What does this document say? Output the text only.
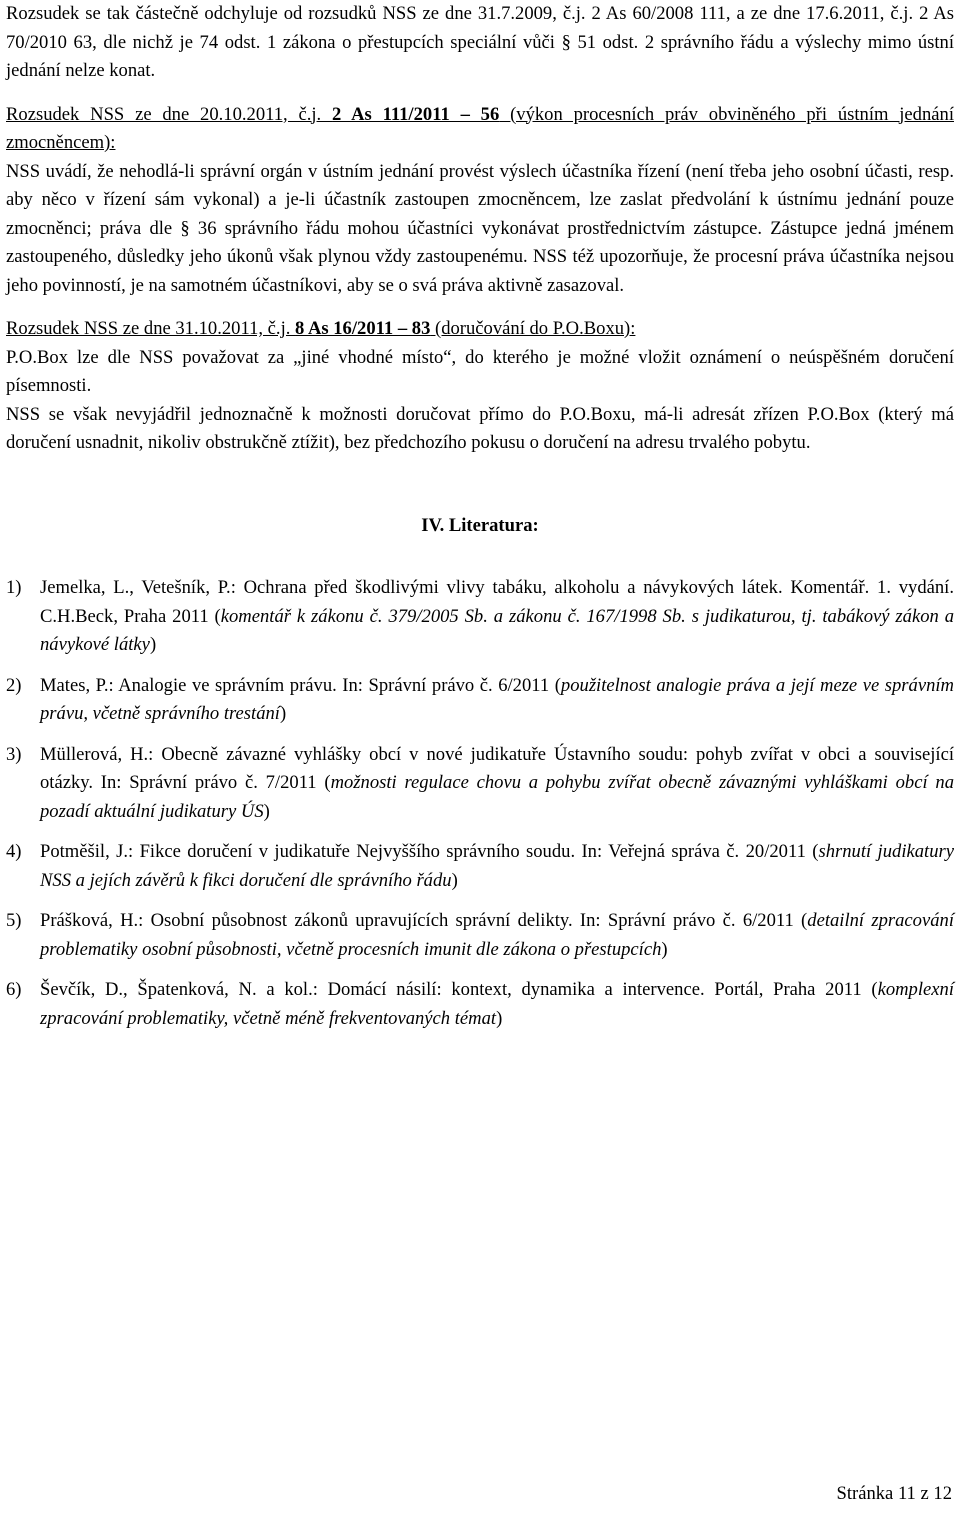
Rozsudek se tak částečně odchyluje od rozsudků NSS ze dne 31.7.2009, č.j. 2 As 60/2008 111, a ze dne 17.6.2011, č.j. 2 As 70/2010 63, dle nichž je 74 odst. 1 zákona o přestupcích speciální vůči § 51 odst. 2 správního řádu a výslechy mimo ústní jednání nelze konat.

Rozsudek NSS ze dne 20.10.2011, č.j. 2 As 111/2011 – 56 (výkon procesních práv obviněného při ústním jednání zmocněncem):

NSS uvádí, že nehodlá-li správní orgán v ústním jednání provést výslech účastníka řízení (není třeba jeho osobní účasti, resp. aby něco v řízení sám vykonal) a je-li účastník zastoupen zmocněncem, lze zaslat předvolání k ústnímu jednání pouze zmocněnci; práva dle § 36 správního řádu mohou účastníci vykonávat prostřednictvím zástupce. Zástupce jedná jménem zastoupeného, důsledky jeho úkonů však plynou vždy zastoupenému. NSS též upozorňuje, že procesní práva účastníka nejsou jeho povinností, je na samotném účastníkovi, aby se o svá práva aktivně zasazoval.

Rozsudek NSS ze dne 31.10.2011, č.j. 8 As 16/2011 – 83 (doručování do P.O.Boxu):

P.O.Box lze dle NSS považovat za „jiné vhodné místo“, do kterého je možné vložit oznámení o neúspěšném doručení písemnosti.

NSS se však nevyjádřil jednoznačně k možnosti doručovat přímo do P.O.Boxu, má-li adresát zřízen P.O.Box (který má doručení usnadnit, nikoliv obstrukčně ztížit), bez předchozího pokusu o doručení na adresu trvalého pobytu.

IV. Literatura:
1) Jemelka, L., Vetešník, P.: Ochrana před škodlivými vlivy tabáku, alkoholu a návykových látek. Komentář. 1. vydání. C.H.Beck, Praha 2011 (komentář k zákonu č. 379/2005 Sb. a zákonu č. 167/1998 Sb. s judikaturou, tj. tabákový zákon a návykové látky)
2) Mates, P.: Analogie ve správním právu. In: Správní právo č. 6/2011 (použitelnost analogie práva a její meze ve správním právu, včetně správního trestání)
3) Müllerová, H.: Obecně závazné vyhlášky obcí v nové judikatuře Ústavního soudu: pohyb zvířat v obci a související otázky. In: Správní právo č. 7/2011 (možnosti regulace chovu a pohybu zvířat obecně závaznými vyhláškami obcí na pozadí aktuální judikatury ÚS)
4) Potměšil, J.: Fikce doručení v judikatuře Nejvyššího správního soudu. In: Veřejná správa č. 20/2011 (shrnutí judikatury NSS a jejích závěrů k fikci doručení dle správního řádu)
5) Prášková, H.: Osobní působnost zákonů upravujících správní delikty. In: Správní právo č. 6/2011 (detailní zpracování problematiky osobní působnosti, včetně procesních imunit dle zákona o přestupcích)
6) Ševčík, D., Špatenková, N. a kol.: Domácí násilí: kontext, dynamika a intervence. Portál, Praha 2011 (komplexní zpracování problematiky, včetně méně frekventovaných témat)
Stránka 11 z 12
